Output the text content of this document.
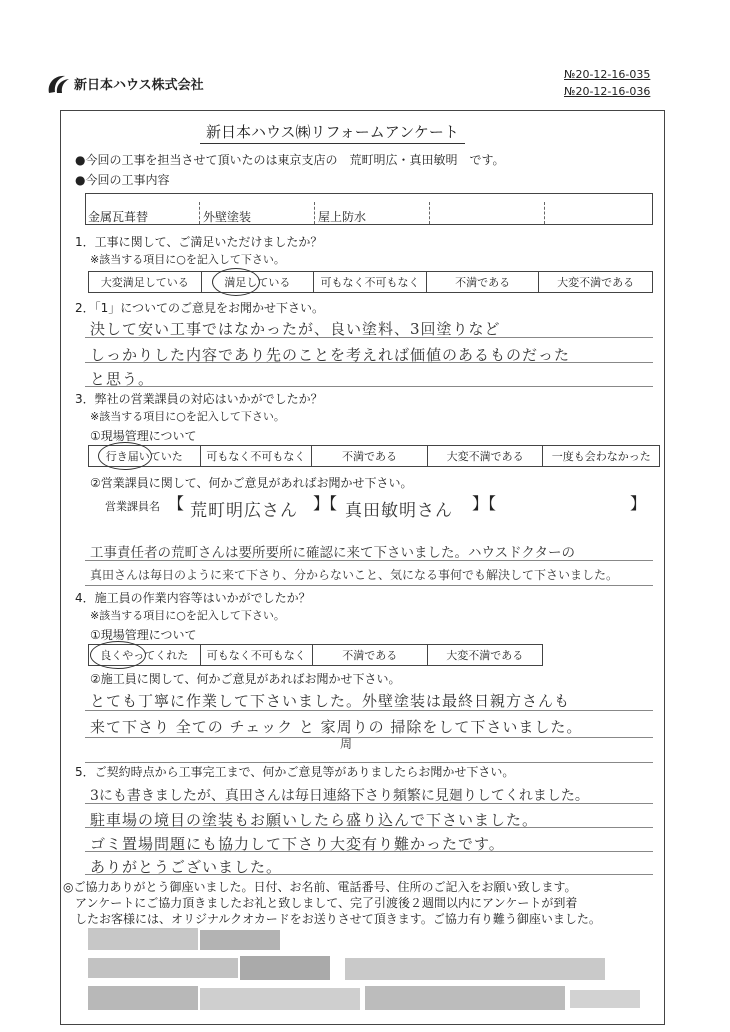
新日本ハウス株式会社
№20-12-16-035
№20-12-16-036
新日本ハウス㈱リフォームアンケート
●今回の工事を担当させて頂いたのは東京支店の　荒町明広・真田敏明　です。
●今回の工事内容
金属瓦葺替	外壁塗装	屋上防水
1．工事に関して、ご満足いただけましたか？
※該当する項目に○を記入して下さい。
大変満足している	満足している	可もなく不可もなく	不満である	大変不満である
2．「1」についてのご意見をお聞かせ下さい。
決して安い工事ではなかったが、良い塗料、3回塗りなど
しっかりした内容であり先のことを考えれば価値のあるものだった
と思う。
3．弊社の営業課員の対応はいかがでしたか？
※該当する項目に○を記入して下さい。
①現場管理について
行き届いていた	可もなく不可もなく	不満である	大変不満である	一度も会わなかった
②営業課員に関して、何かご意見があればお聞かせ下さい。
営業課員名 【 荒町明広さん 】【 真田敏明さん 】【	】
工事責任者の荒町さんは要所要所に確認に来て下さいました。ハウスドクターの
真田さんは毎日のように来て下さり、分からないこと、気になる事何でも解決して下さいました。
4．施工員の作業内容等はいかがでしたか？
※該当する項目に○を記入して下さい。
①現場管理について
良くやってくれた	可もなく不可もなく	不満である	大変不満である
②施工員に関して、何かご意見があればお聞かせ下さい。
とても丁寧に作業して下さいました。外壁塗装は最終日親方さんも
来て下さり 全ての チェック と 家周りの 掃除をして下さいました。
周
5．ご契約時点から工事完工まで、何かご意見等がありましたらお聞かせ下さい。
3にも書きましたが、真田さんは毎日連絡下さり頻繁に見廻りしてくれました。
駐車場の境目の塗装もお願いしたら盛り込んで下さいました。
ゴミ置場問題にも協力して下さり大変有り難かったです。
ありがとうございました。
◎ご協力ありがとう御座いました。日付、お名前、電話番号、住所のご記入をお願い致します。
　アンケートにご協力頂きましたお礼と致しまして、完了引渡後２週間以内にアンケートが到着
　したお客様には、オリジナルクオカードをお送りさせて頂きます。ご協力有り難う御座いました。
